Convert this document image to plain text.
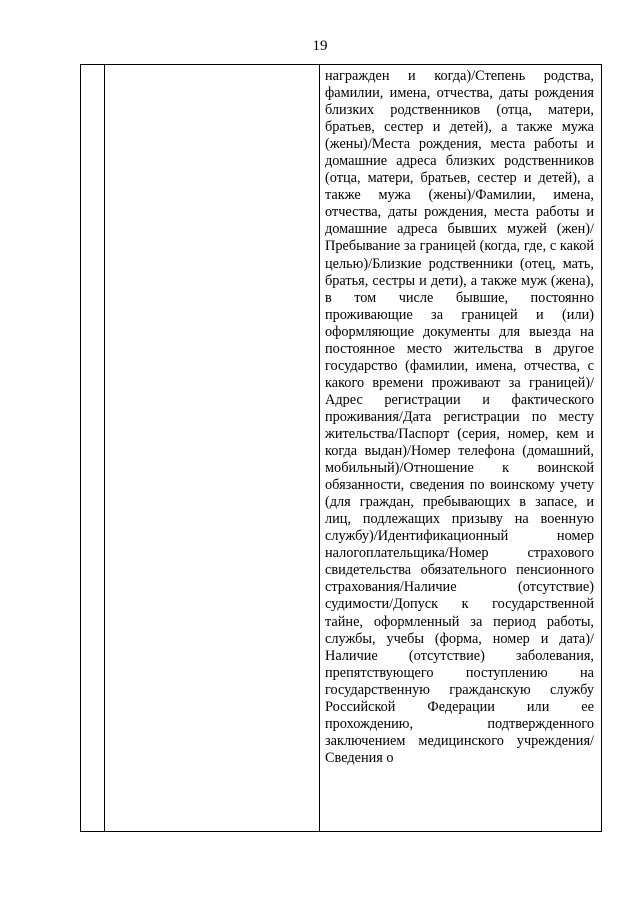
19

награжден и когда)/Степень родства, фамилии, имена, отчества, даты рождения близких родственников (отца, матери, братьев, сестер и детей), а также мужа (жены)/Места рождения, места работы и домашние адреса близких родственников (отца, матери, братьев, сестер и детей), а также мужа (жены)/Фамилии, имена, отчества, даты рождения, места работы и домашние адреса бывших мужей (жен)/Пребывание за границей (когда, где, с какой целью)/Близкие родственники (отец, мать, братья, сестры и дети), а также муж (жена), в том числе бывшие, постоянно проживающие за границей и (или) оформляющие документы для выезда на постоянное место жительства в другое государство (фамилии, имена, отчества, с какого времени проживают за границей)/Адрес регистрации и фактического проживания/Дата регистрации по месту жительства/Паспорт (серия, номер, кем и когда выдан)/Номер телефона (домашний, мобильный)/Отношение к воинской обязанности, сведения по воинскому учету (для граждан, пребывающих в запасе, и лиц, подлежащих призыву на военную службу)/Идентификационный номер налогоплательщика/Номер страхового свидетельства обязательного пенсионного страхования/Наличие (отсутствие) судимости/Допуск к государственной тайне, оформленный за период работы, службы, учебы (форма, номер и дата)/Наличие (отсутствие) заболевания, препятствующего поступлению на государственную гражданскую службу Российской Федерации или ее прохождению, подтвержденного заключением медицинского учреждения/Сведения о
